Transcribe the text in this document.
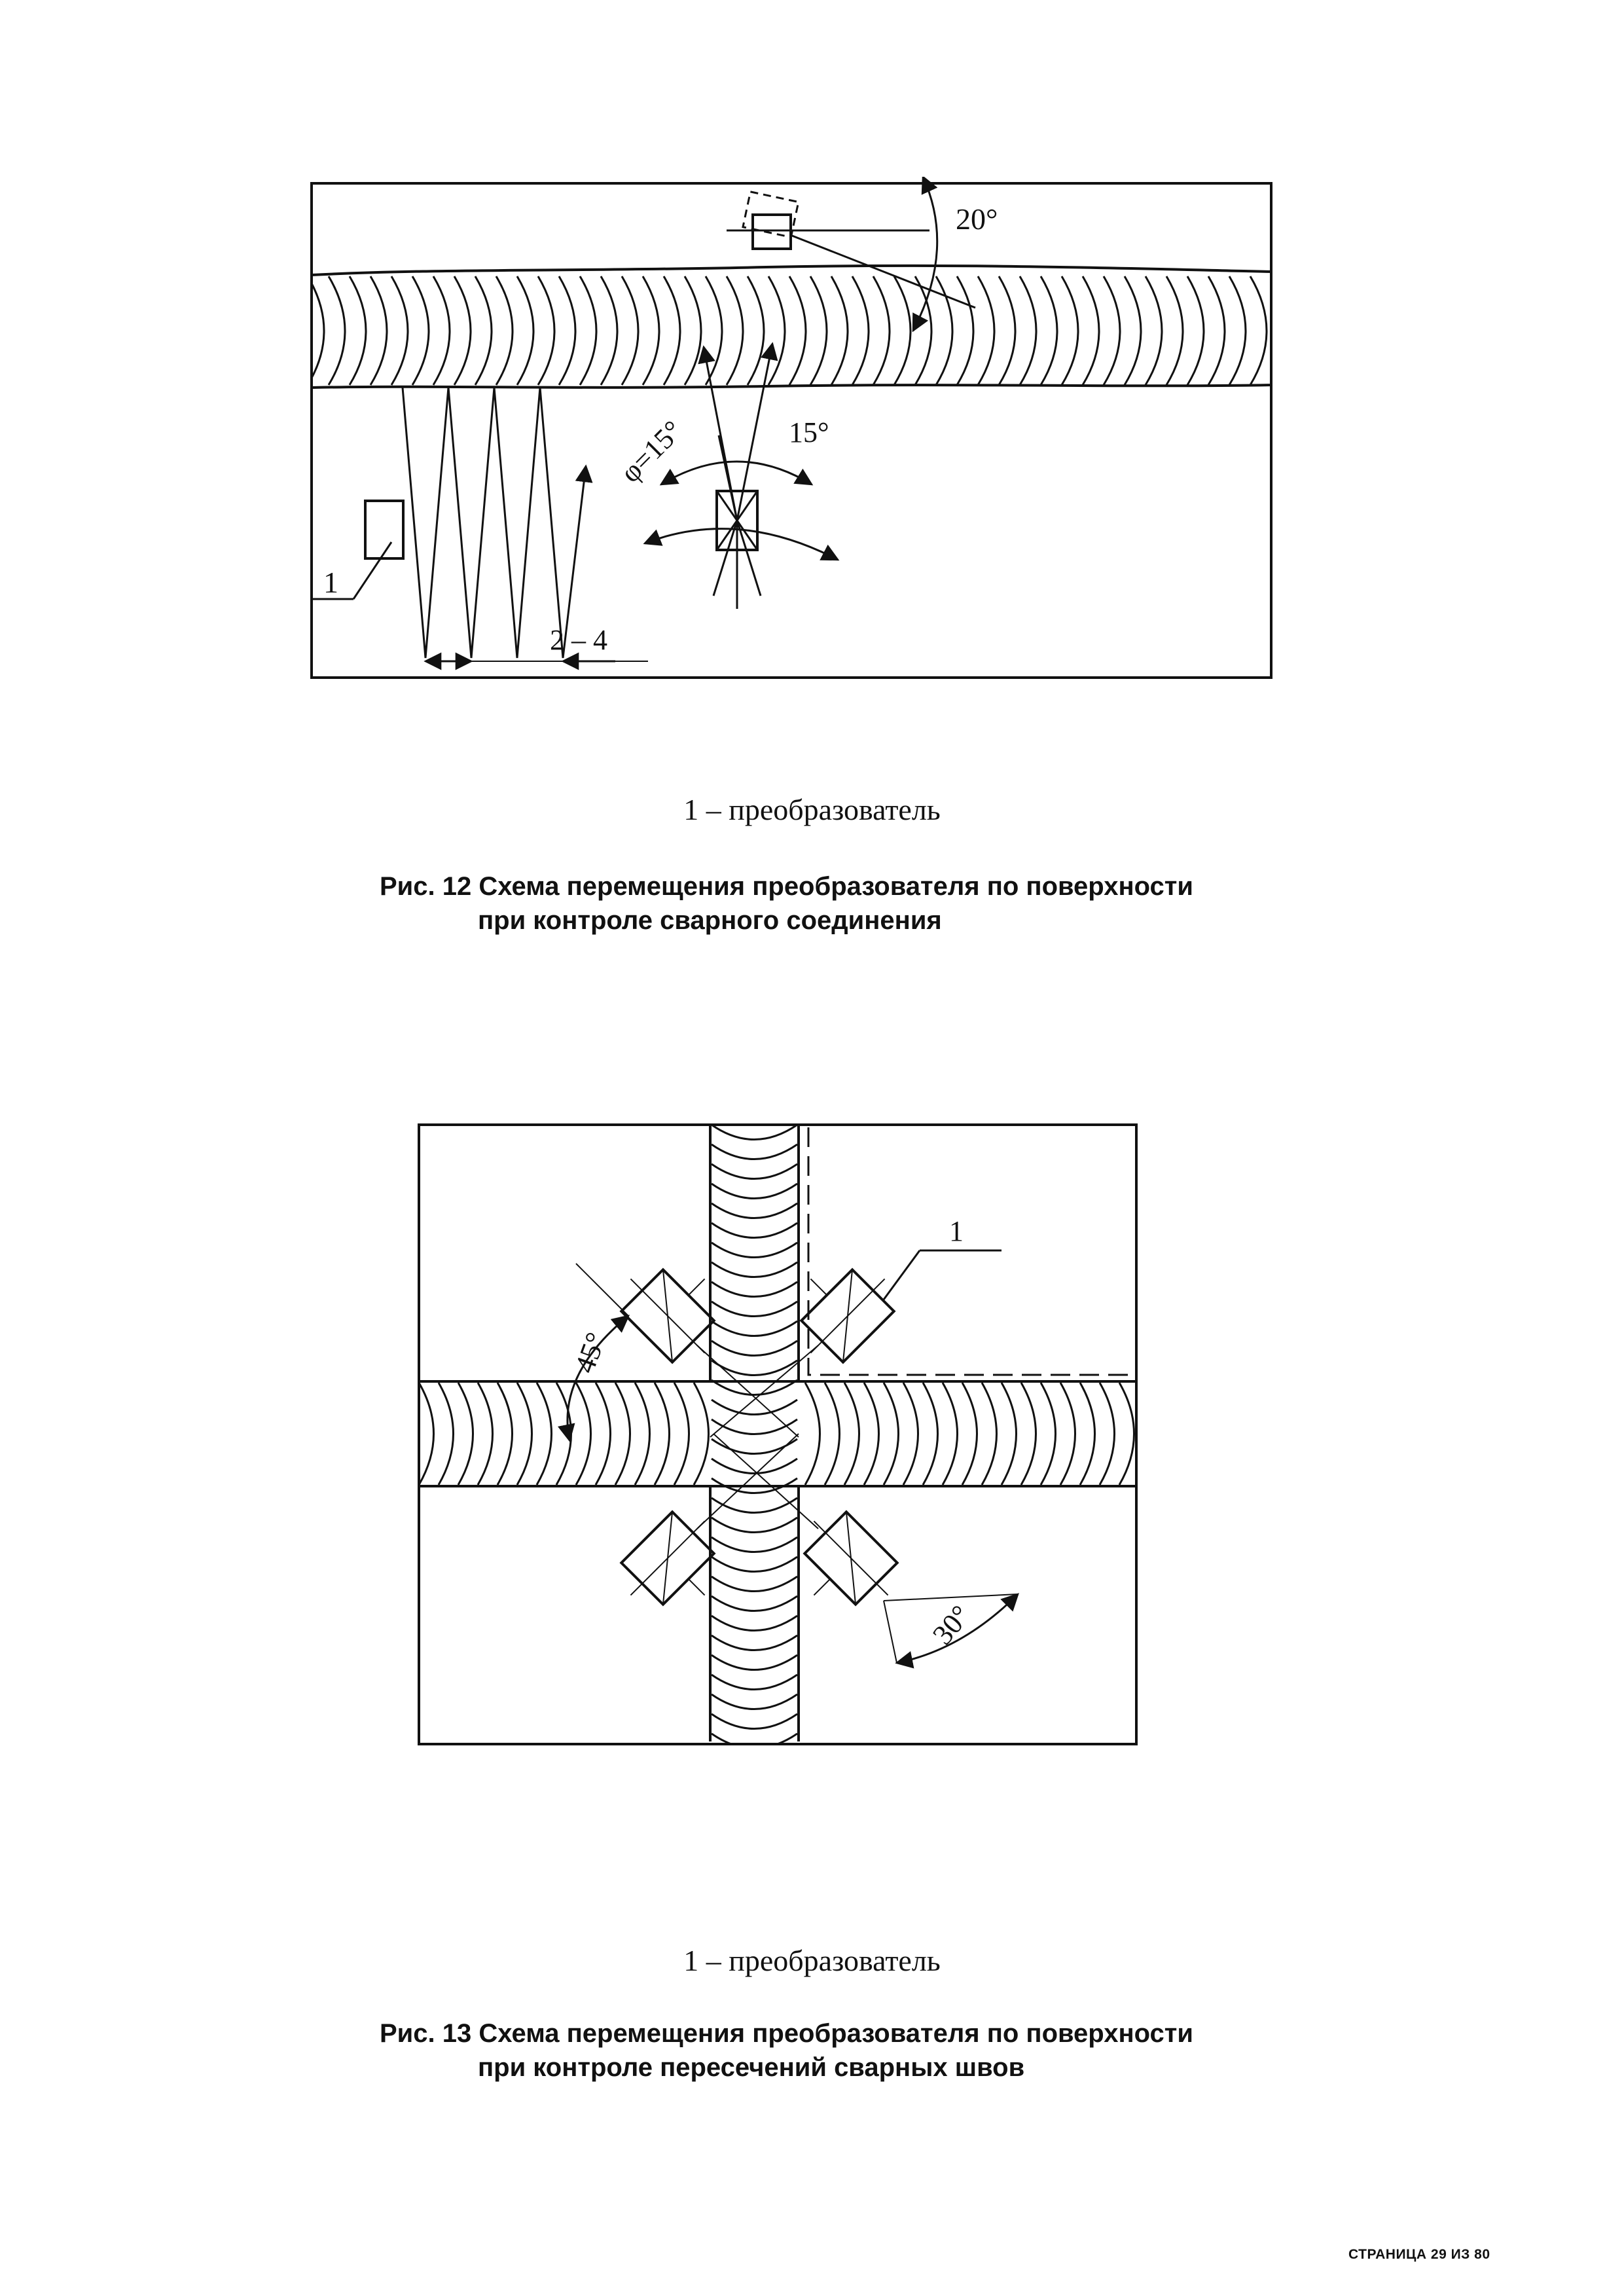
2 – 4
1
φ=15°	15°
20°
1 – преобразователь
Рис. 12 Схема перемещения преобразователя по поверхности
при контроле сварного соединения
45°
30°
1
1 – преобразователь
Рис. 13 Схема перемещения преобразователя по поверхности
при контроле пересечений сварных швов
СТРАНИЦА 29 ИЗ 80
